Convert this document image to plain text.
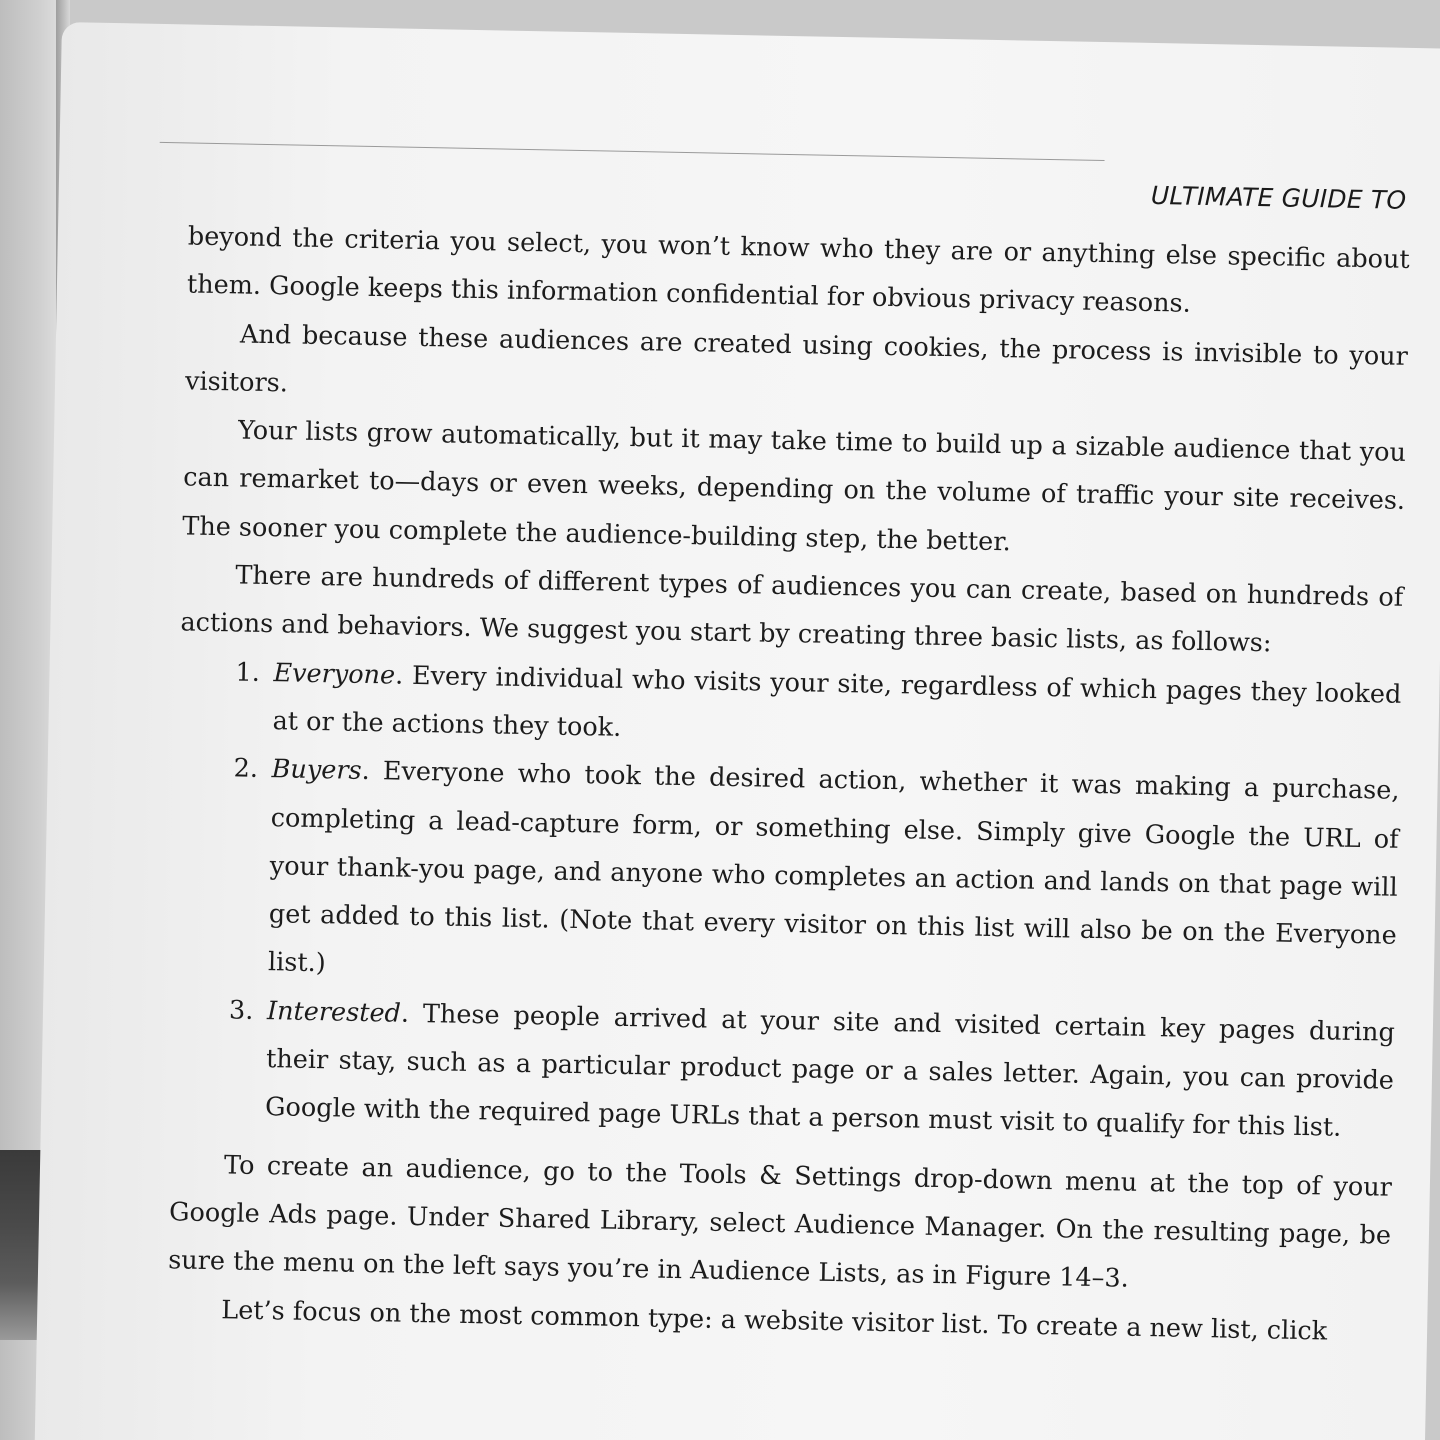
ULTIMATE GUIDE TO

beyond the criteria you select, you won’t know who they are or anything else specific about them. Google keeps this information confidential for obvious privacy reasons.

And because these audiences are created using cookies, the process is invisible to your visitors.

Your lists grow automatically, but it may take time to build up a sizable audience that you can remarket to—days or even weeks, depending on the volume of traffic your site receives. The sooner you complete the audience-building step, the better.

There are hundreds of different types of audiences you can create, based on hundreds of actions and behaviors. We suggest you start by creating three basic lists, as follows:

1. Everyone. Every individual who visits your site, regardless of which pages they looked at or the actions they took.
2. Buyers. Everyone who took the desired action, whether it was making a purchase, completing a lead-capture form, or something else. Simply give Google the URL of your thank-you page, and anyone who completes an action and lands on that page will get added to this list. (Note that every visitor on this list will also be on the Everyone list.)
3. Interested. These people arrived at your site and visited certain key pages during their stay, such as a particular product page or a sales letter. Again, you can provide Google with the required page URLs that a person must visit to qualify for this list.

To create an audience, go to the Tools & Settings drop-down menu at the top of your Google Ads page. Under Shared Library, select Audience Manager. On the resulting page, be sure the menu on the left says you’re in Audience Lists, as in Figure 14–3.

Let’s focus on the most common type: a website visitor list. To create a new list, click
